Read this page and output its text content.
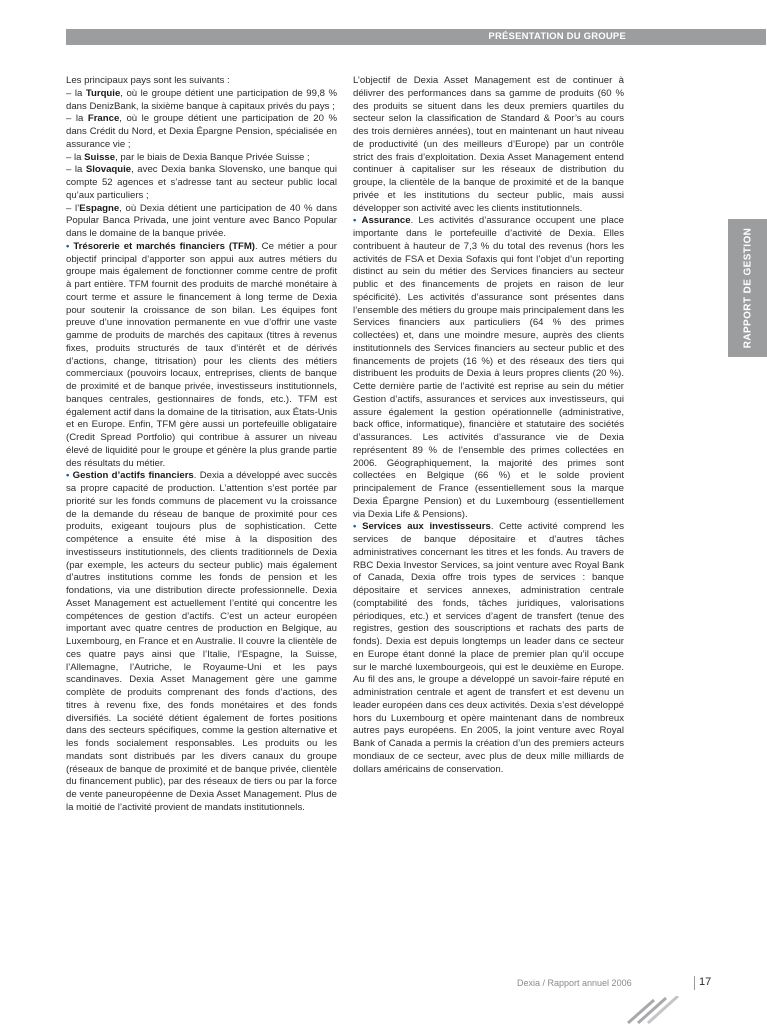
PRÉSENTATION DU GROUPE
RAPPORT DE GESTION

Les principaux pays sont les suivants :

– la Turquie, où le groupe détient une participation de 99,8 % dans DenizBank, la sixième banque à capitaux privés du pays ;

– la France, où le groupe détient une participation de 20 % dans Crédit du Nord, et Dexia Épargne Pension, spécialisée en assurance vie ;

– la Suisse, par le biais de Dexia Banque Privée Suisse ;

– la Slovaquie, avec Dexia banka Slovensko, une banque qui compte 52 agences et s’adresse tant au secteur public local qu’aux particuliers ;

– l’Espagne, où Dexia détient une participation de 40 % dans Popular Banca Privada, une joint venture avec Banco Popular dans le domaine de la banque privée.

• Trésorerie et marchés financiers (TFM). Ce métier a pour objectif principal d’apporter son appui aux autres métiers du groupe mais également de fonctionner comme centre de profit à part entière. TFM fournit des produits de marché monétaire à court terme et assure le financement à long terme de Dexia pour soutenir la croissance de son bilan. Les équipes font preuve d’une innovation permanente en vue d’offrir une vaste gamme de produits de marchés des capitaux (titres à revenus fixes, produits structurés de taux d’intérêt et de dérivés d’actions, change, titrisation) pour les clients des métiers commerciaux (pouvoirs locaux, entreprises, clients de banque de proximité et de banque privée, investisseurs institutionnels, banques centrales, gestionnaires de fonds, etc.). TFM est également actif dans la domaine de la titrisation, aux États-Unis et en Europe. Enfin, TFM gère aussi un portefeuille obligataire (Credit Spread Portfolio) qui contribue à assurer un niveau élevé de liquidité pour le groupe et génère la plus grande partie des résultats du métier.

• Gestion d’actifs financiers. Dexia a développé avec succès sa propre capacité de production. L’attention s’est portée par priorité sur les fonds communs de placement vu la croissance de la demande du réseau de banque de proximité pour ces produits, exigeant toujours plus de sophistication. Cette compétence a ensuite été mise à la disposition des investisseurs institutionnels, des clients traditionnels de Dexia (par exemple, les acteurs du secteur public) mais également d’autres institutions comme les fonds de pension et les fondations, via une distribution directe professionnelle. Dexia Asset Management est actuellement l’entité qui concentre les compétences de gestion d’actifs. C’est un acteur européen important avec quatre centres de production en Belgique, au Luxembourg, en France et en Australie. Il couvre la clientèle de ces quatre pays ainsi que l’Italie, l’Espagne, la Suisse, l’Allemagne, l’Autriche, le Royaume-Uni et les pays scandinaves. Dexia Asset Management gère une gamme complète de produits comprenant des fonds d’actions, des titres à revenu fixe, des fonds monétaires et des fonds diversifiés. La société détient également de fortes positions dans des secteurs spécifiques, comme la gestion alternative et les fonds socialement responsables. Les produits ou les mandats sont distribués par les divers canaux du groupe (réseaux de banque de proximité et de banque privée, clientèle du financement public), par des réseaux de tiers ou par la force de vente paneuropéenne de Dexia Asset Management. Plus de la moitié de l’activité provient de mandats institutionnels.

L’objectif de Dexia Asset Management est de continuer à délivrer des performances dans sa gamme de produits (60 % des produits se situent dans les deux premiers quartiles du secteur selon la classification de Standard & Poor’s au cours des trois dernières années), tout en maintenant un haut niveau de productivité (un des meilleurs d’Europe) par un contrôle strict des frais d’exploitation. Dexia Asset Management entend continuer à capitaliser sur les réseaux de distribution du groupe, la clientèle de la banque de proximité et de la banque privée et les institutions du secteur public, mais aussi développer son activité avec les clients institutionnels.

• Assurance. Les activités d’assurance occupent une place importante dans le portefeuille d’activité de Dexia. Elles contribuent à hauteur de 7,3 % du total des revenus (hors les activités de FSA et Dexia Sofaxis qui font l’objet d’un reporting distinct au sein du métier des Services financiers au secteur public et des financements de projets en raison de leur spécificité). Les activités d’assurance sont présentes dans l’ensemble des métiers du groupe mais principalement dans les Services financiers aux particuliers (64 % des primes collectées) et, dans une moindre mesure, auprès des clients institutionnels des Services financiers au secteur public et des financements de projets (16 %) et des réseaux des tiers qui distribuent les produits de Dexia à leurs propres clients (20 %). Cette dernière partie de l’activité est reprise au sein du métier Gestion d’actifs, assurances et services aux investisseurs, qui assure également la gestion opérationnelle (administrative, back office, informatique), financière et statutaire des sociétés d’assurances. Les activités d’assurance vie de Dexia représentent 89 % de l’ensemble des primes collectées en 2006. Géographiquement, la majorité des primes sont collectées en Belgique (66 %) et le solde provient principalement de France (essentiellement sous la marque Dexia Épargne Pension) et du Luxembourg (essentiellement via Dexia Life & Pensions).

• Services aux investisseurs. Cette activité comprend les services de banque dépositaire et d’autres tâches administratives concernant les titres et les fonds. Au travers de RBC Dexia Investor Services, sa joint venture avec Royal Bank of Canada, Dexia offre trois types de services : banque dépositaire et services annexes, administration centrale (comptabilité des fonds, tâches juridiques, valorisations périodiques, etc.) et services d’agent de transfert (tenue des registres, gestion des souscriptions et rachats des parts de fonds). Dexia est depuis longtemps un leader dans ce secteur en Europe étant donné la place de premier plan qu’il occupe sur le marché luxembourgeois, qui est le deuxième en Europe. Au fil des ans, le groupe a développé un savoir-faire réputé en administration centrale et agent de transfert et est devenu un leader européen dans ces deux activités. Dexia s’est développé hors du Luxembourg et opère maintenant dans de nombreux autres pays européens. En 2005, la joint venture avec Royal Bank of Canada a permis la création d’un des premiers acteurs mondiaux de ce secteur, avec plus de deux mille milliards de dollars américains de conservation.

Dexia / Rapport annuel 2006	17
